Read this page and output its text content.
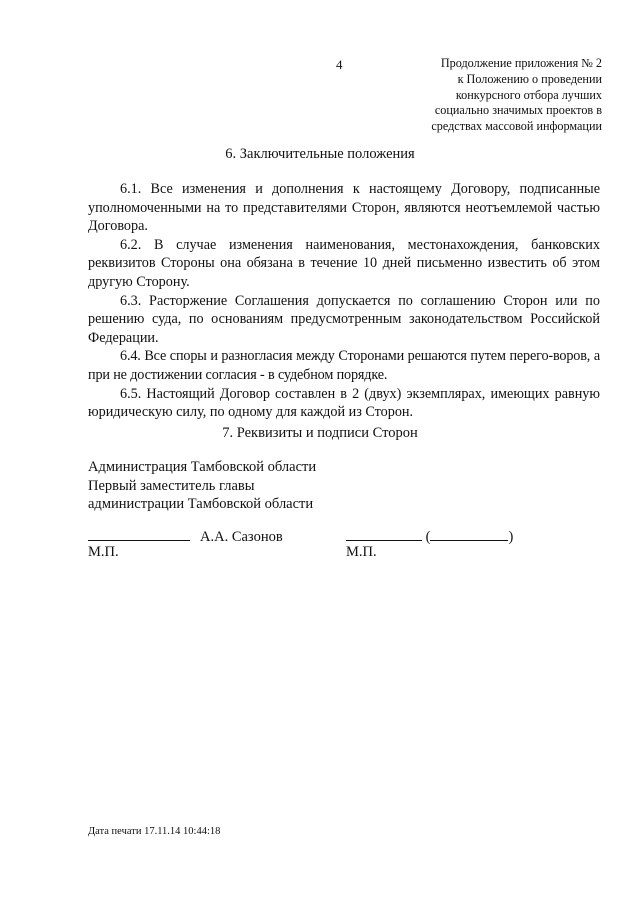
4	Продолжение приложения № 2
к Положению о проведении
конкурсного отбора лучших
социально значимых проектов в
средствах массовой информации
6. Заключительные положения

6.1. Все изменения и дополнения к настоящему Договору, подписанные уполномоченными на то представителями Сторон, являются неотъемлемой частью Договора.

6.2. В случае изменения наименования, местонахождения, банковских реквизитов Стороны она обязана в течение 10 дней письменно известить об этом другую Сторону.

6.3. Расторжение Соглашения допускается по соглашению Сторон или по решению суда, по основаниям предусмотренным законодательством Российской Федерации.

6.4. Все споры и разногласия между Сторонами решаются путем перего-воров, а при не достижении согласия - в судебном порядке.

6.5. Настоящий Договор составлен в 2 (двух) экземплярах, имеющих равную юридическую силу, по одному для каждой из Сторон.

7. Реквизиты и подписи Сторон
Администрация Тамбовской области
Первый заместитель главы
администрации Тамбовской области
А.А. Сазонов	(	)
М.П.	М.П.
Дата печати 17.11.14 10:44:18
